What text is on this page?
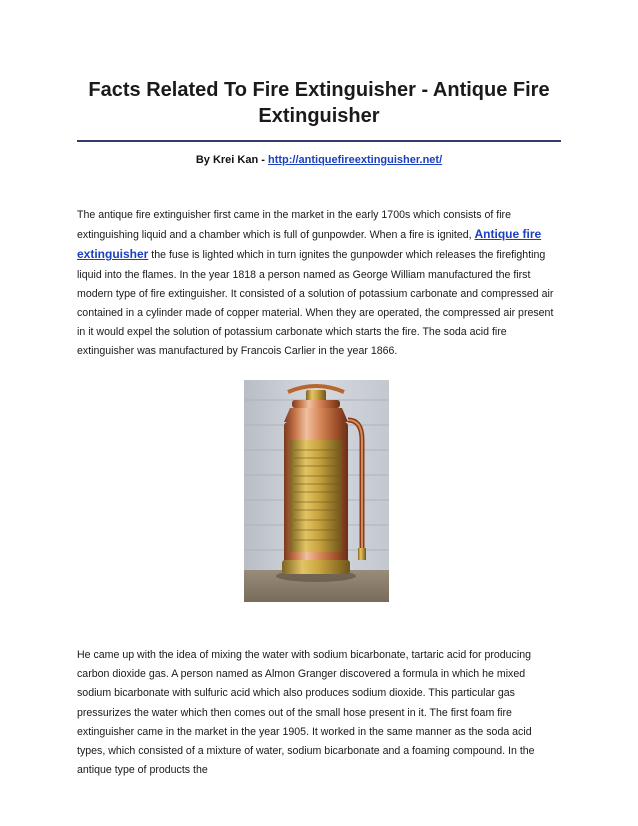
Facts Related To Fire Extinguisher - Antique Fire Extinguisher
By Krei Kan - http://antiquefireextinguisher.net/

The antique fire extinguisher first came in the market in the early 1700s which consists of fire extinguishing liquid and a chamber which is full of gunpowder. When a fire is ignited, Antique fire extinguisher the fuse is lighted which in turn ignites the gunpowder which releases the firefighting liquid into the flames. In the year 1818 a person named as George William manufactured the first modern type of fire extinguisher. It consisted of a solution of potassium carbonate and compressed air contained in a cylinder made of copper material. When they are operated, the compressed air present in it would expel the solution of potassium carbonate which starts the fire. The soda acid fire extinguisher was manufactured by Francois Carlier in the year 1866.

He came up with the idea of mixing the water with sodium bicarbonate, tartaric acid for producing carbon dioxide gas. A person named as Almon Granger discovered a formula in which he mixed sodium bicarbonate with sulfuric acid which also produces sodium dioxide. This particular gas pressurizes the water which then comes out of the small hose present in it. The first foam fire extinguisher came in the market in the year 1905. It worked in the same manner as the soda acid types, which consisted of a mixture of water, sodium bicarbonate and a foaming compound. In the antique type of products the
